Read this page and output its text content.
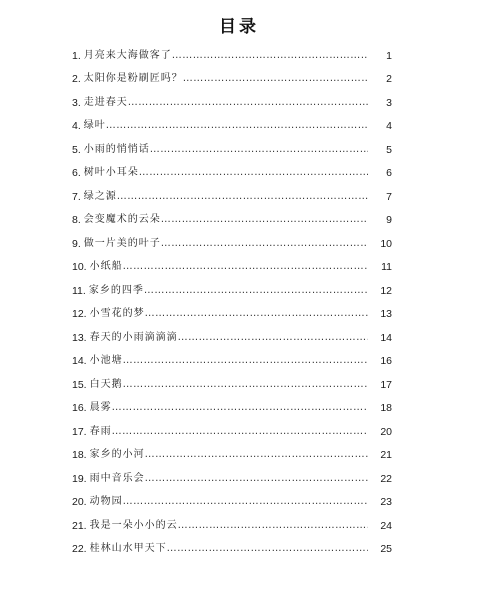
目录
1. 月亮来大海做客了 ……………………………………………………………………………………………………………………	1
2. 太阳你是粉刷匠吗？ ……………………………………………………………………………………………………………………	2
3. 走进春天 ……………………………………………………………………………………………………………………	3
4. 绿叶 ……………………………………………………………………………………………………………………	4
5. 小雨的悄悄话 ……………………………………………………………………………………………………………………	5
6. 树叶小耳朵 ……………………………………………………………………………………………………………………	6
7. 绿之源 ……………………………………………………………………………………………………………………	7
8. 会变魔术的云朵 ……………………………………………………………………………………………………………………	9
9. 做一片美的叶子 ……………………………………………………………………………………………………………………	10
10. 小纸船 ……………………………………………………………………………………………………………………	11
11. 家乡的四季 ……………………………………………………………………………………………………………………	12
12. 小雪花的梦 ……………………………………………………………………………………………………………………	13
13. 春天的小雨滴滴滴 ……………………………………………………………………………………………………………………	14
14. 小池塘 ……………………………………………………………………………………………………………………	16
15. 白天鹅 ……………………………………………………………………………………………………………………	17
16. 晨雾 ……………………………………………………………………………………………………………………	18
17. 春雨 ……………………………………………………………………………………………………………………	20
18. 家乡的小河 ……………………………………………………………………………………………………………………	21
19. 雨中音乐会 ……………………………………………………………………………………………………………………	22
20. 动物园 ……………………………………………………………………………………………………………………	23
21. 我是一朵小小的云 ……………………………………………………………………………………………………………………	24
22. 桂林山水甲天下 ……………………………………………………………………………………………………………………	25
